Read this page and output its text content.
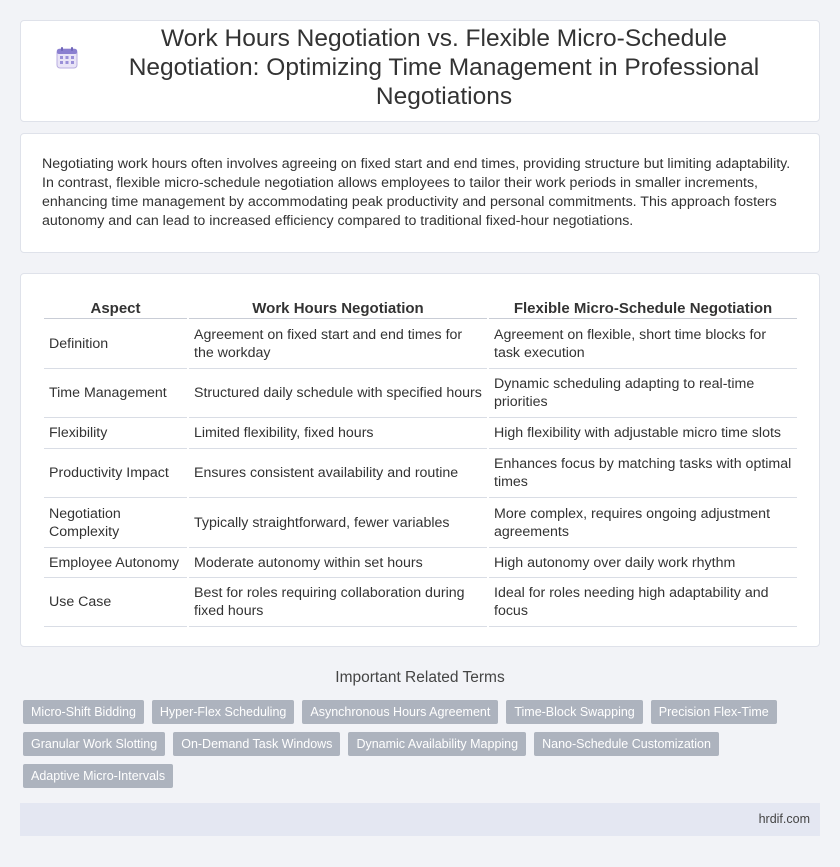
Work Hours Negotiation vs. Flexible Micro-Schedule Negotiation: Optimizing Time Management in Professional Negotiations

Negotiating work hours often involves agreeing on fixed start and end times, providing structure but limiting adaptability. In contrast, flexible micro-schedule negotiation allows employees to tailor their work periods in smaller increments, enhancing time management by accommodating peak productivity and personal commitments. This approach fosters autonomy and can lead to increased efficiency compared to traditional fixed-hour negotiations.

Aspect	Work Hours Negotiation	Flexible Micro-Schedule Negotiation
Definition	Agreement on fixed start and end times for the workday	Agreement on flexible, short time blocks for task execution
Time Management	Structured daily schedule with specified hours	Dynamic scheduling adapting to real-time priorities
Flexibility	Limited flexibility, fixed hours	High flexibility with adjustable micro time slots
Productivity Impact	Ensures consistent availability and routine	Enhances focus by matching tasks with optimal times
Negotiation Complexity	Typically straightforward, fewer variables	More complex, requires ongoing adjustment agreements
Employee Autonomy	Moderate autonomy within set hours	High autonomy over daily work rhythm
Use Case	Best for roles requiring collaboration during fixed hours	Ideal for roles needing high adaptability and focus
Important Related Terms
Micro-Shift Bidding	Hyper-Flex Scheduling	Asynchronous Hours Agreement	Time-Block Swapping	Precision Flex-Time
Granular Work Slotting	On-Demand Task Windows	Dynamic Availability Mapping	Nano-Schedule Customization
Adaptive Micro-Intervals
hrdif.com
